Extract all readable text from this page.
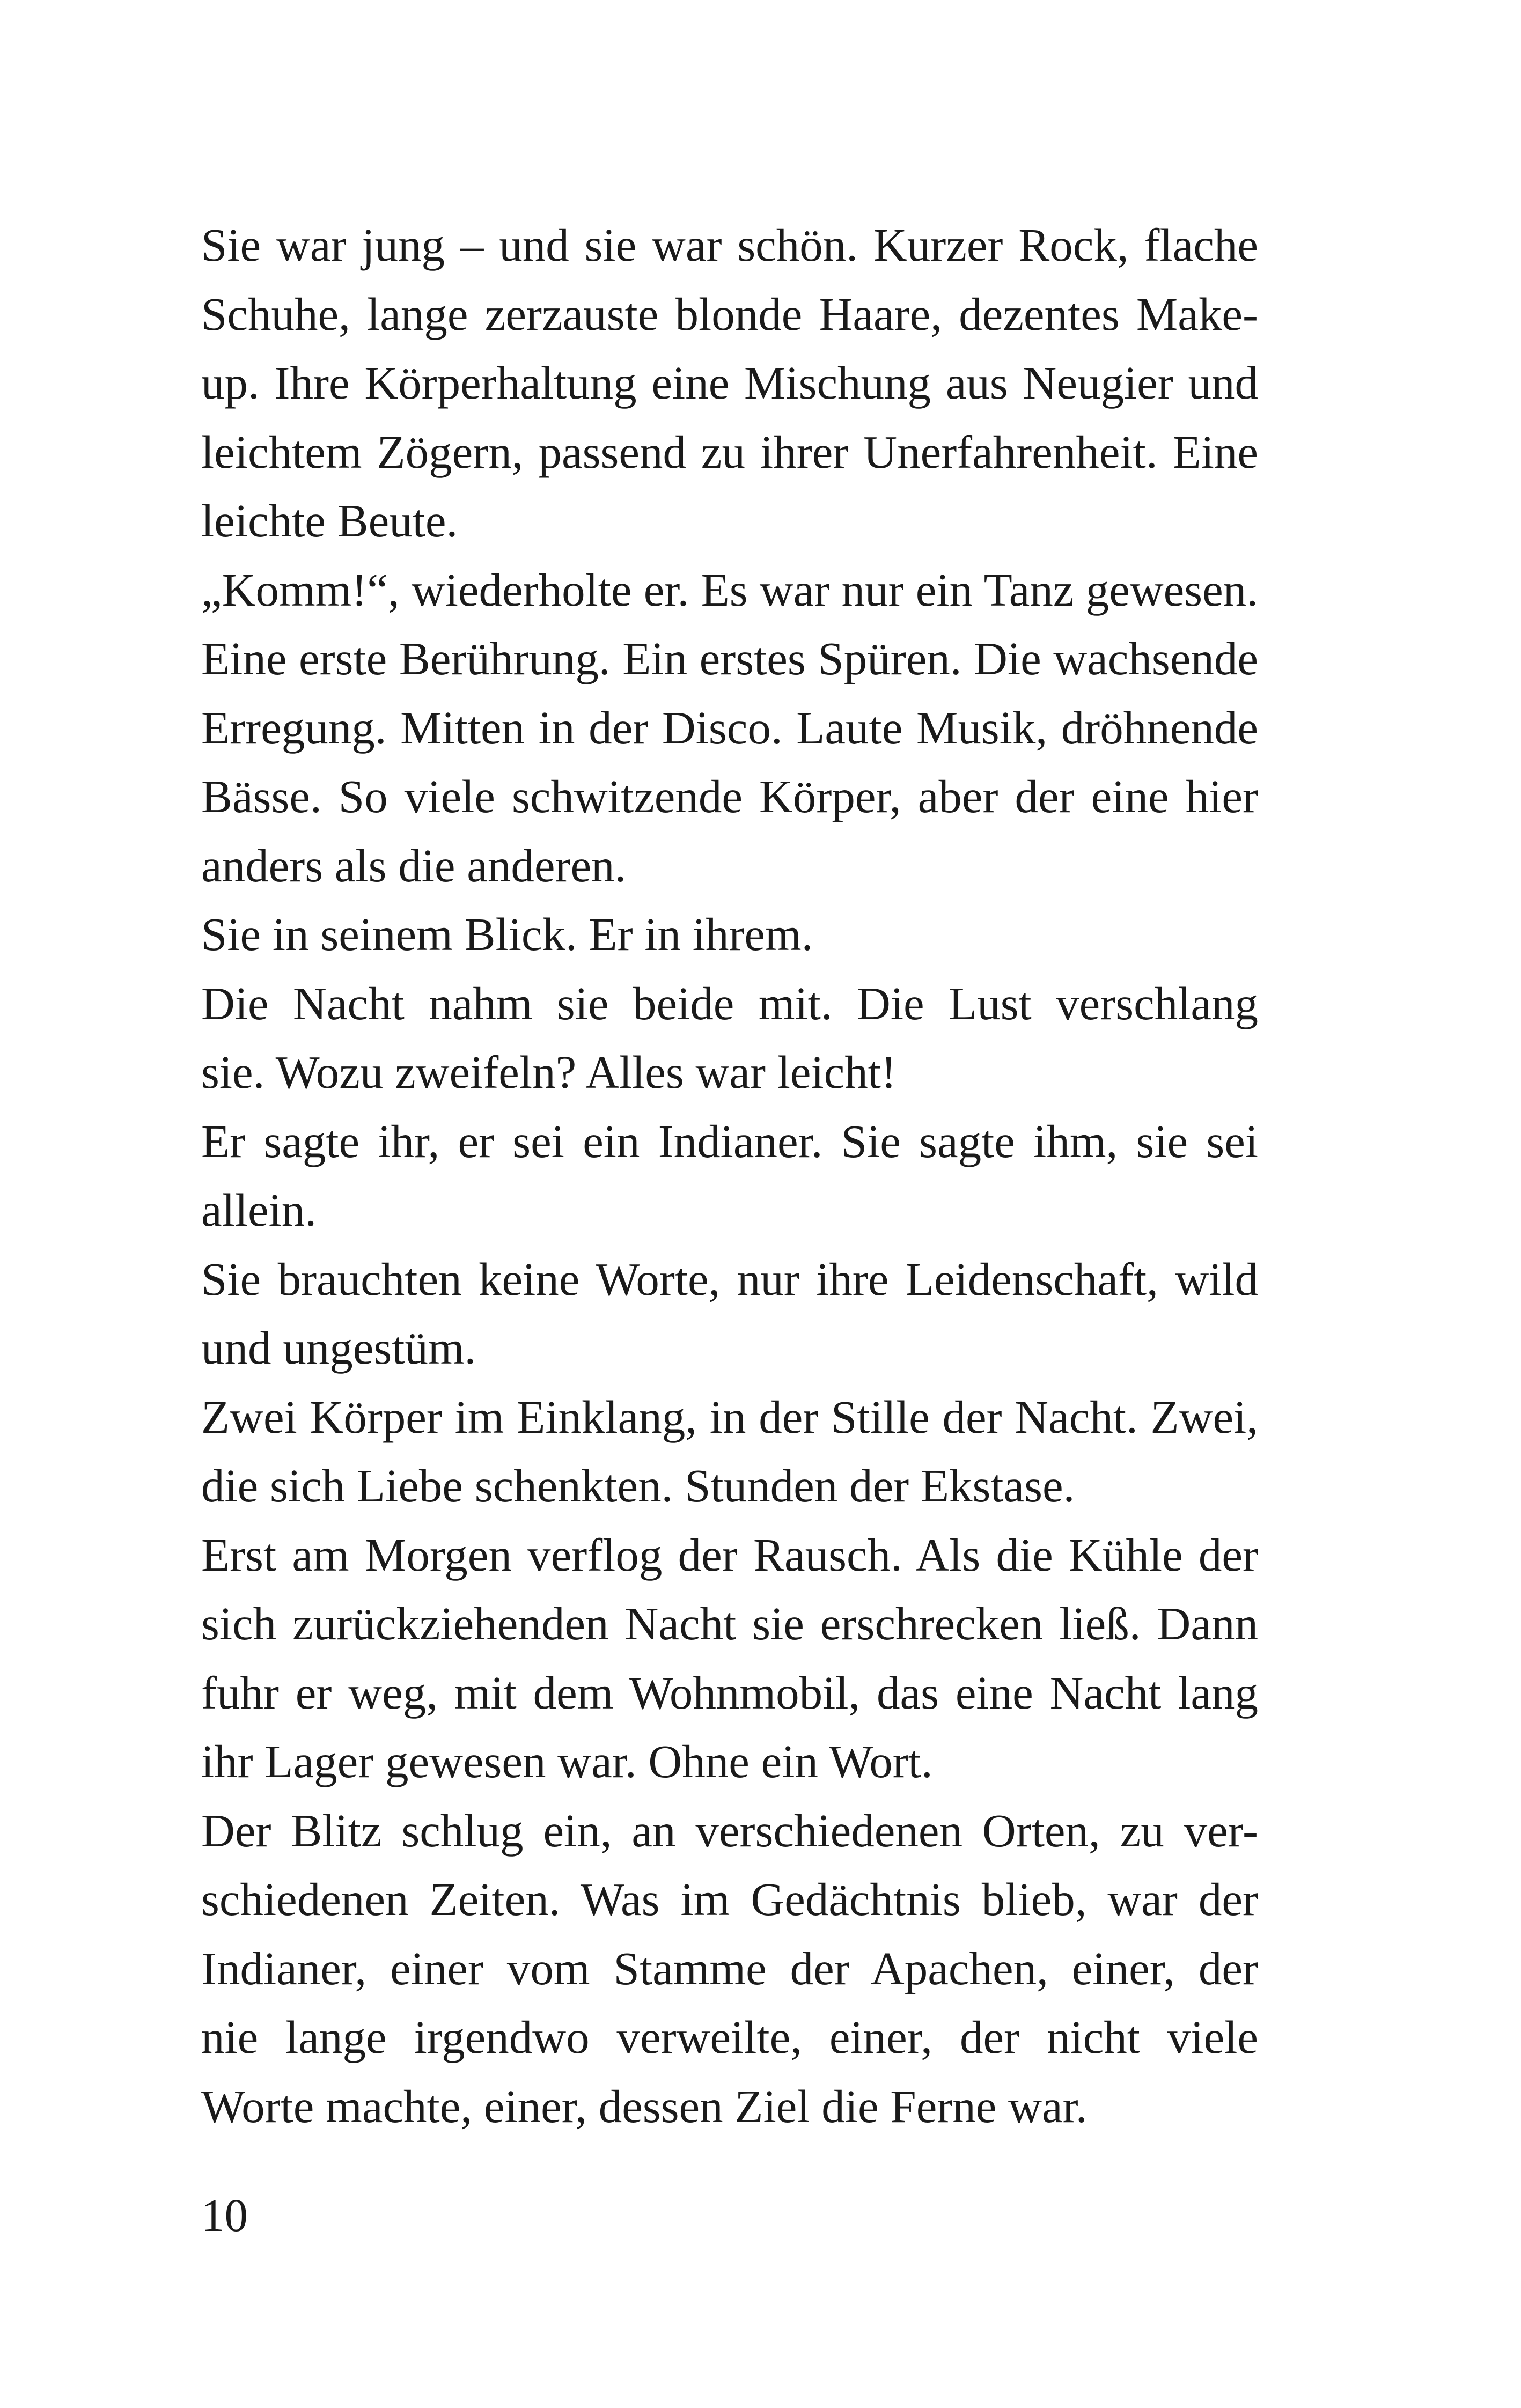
Sie war jung – und sie war schön. Kurzer Rock, flache
Schuhe, lange zerzauste blonde Haare, dezentes Make-
up. Ihre Körperhaltung eine Mischung aus Neugier und
leichtem Zögern, passend zu ihrer Unerfahrenheit. Eine
leichte Beute.
„Komm!“, wiederholte er. Es war nur ein Tanz gewesen.
Eine erste Berührung. Ein erstes Spüren. Die wachsende
Erregung. Mitten in der Disco. Laute Musik, dröhnende
Bässe. So viele schwitzende Körper, aber der eine hier
anders als die anderen.
Sie in seinem Blick. Er in ihrem.
Die Nacht nahm sie beide mit. Die Lust verschlang
sie. Wozu zweifeln? Alles war leicht!
Er sagte ihr, er sei ein Indianer. Sie sagte ihm, sie sei
allein.
Sie brauchten keine Worte, nur ihre Leidenschaft, wild
und ungestüm.
Zwei Körper im Einklang, in der Stille der Nacht. Zwei,
die sich Liebe schenkten. Stunden der Ekstase.
Erst am Morgen verflog der Rausch. Als die Kühle der
sich zurückziehenden Nacht sie erschrecken ließ. Dann
fuhr er weg, mit dem Wohnmobil, das eine Nacht lang
ihr Lager gewesen war. Ohne ein Wort.
Der Blitz schlug ein, an verschiedenen Orten, zu ver-
schiedenen Zeiten. Was im Gedächtnis blieb, war der
Indianer, einer vom Stamme der Apachen, einer, der
nie lange irgendwo verweilte, einer, der nicht viele
Worte machte, einer, dessen Ziel die Ferne war.
10
